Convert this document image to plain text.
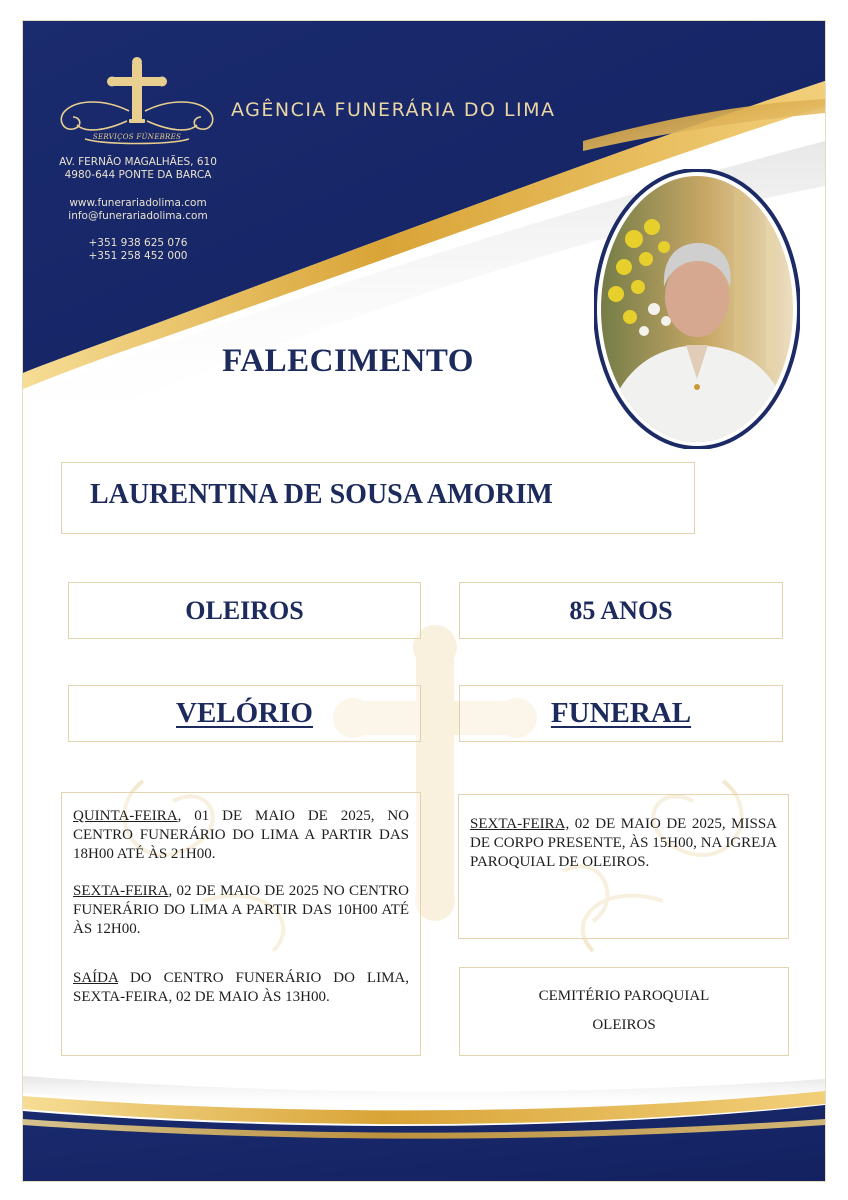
SERVIÇOS FÚNEBRES
AGÊNCIA FUNERÁRIA DO LIMA
AV. FERNÃO MAGALHÃES, 610
4980-644 PONTE DA BARCA
www.funerariadolima.com
info@funerariadolima.com
+351 938 625 076
+351 258 452 000
FALECIMENTO
LAURENTINA DE SOUSA AMORIM
OLEIROS	85 ANOS
VELÓRIO	FUNERAL

QUINTA-FEIRA, 01 DE MAIO DE 2025, NO CENTRO FUNERÁRIO DO LIMA A PARTIR DAS 18H00 ATÉ ÀS 21H00.

SEXTA-FEIRA, 02 DE MAIO DE 2025 NO CENTRO FUNERÁRIO DO LIMA A PARTIR DAS 10H00 ATÉ ÀS 12H00.

SAÍDA DO CENTRO FUNERÁRIO DO LIMA, SEXTA-FEIRA, 02 DE MAIO ÀS 13H00.

SEXTA-FEIRA, 02 DE MAIO DE 2025, MISSA DE CORPO PRESENTE, ÀS 15H00, NA IGREJA PAROQUIAL DE OLEIROS.

CEMITÉRIO PAROQUIAL
OLEIROS
